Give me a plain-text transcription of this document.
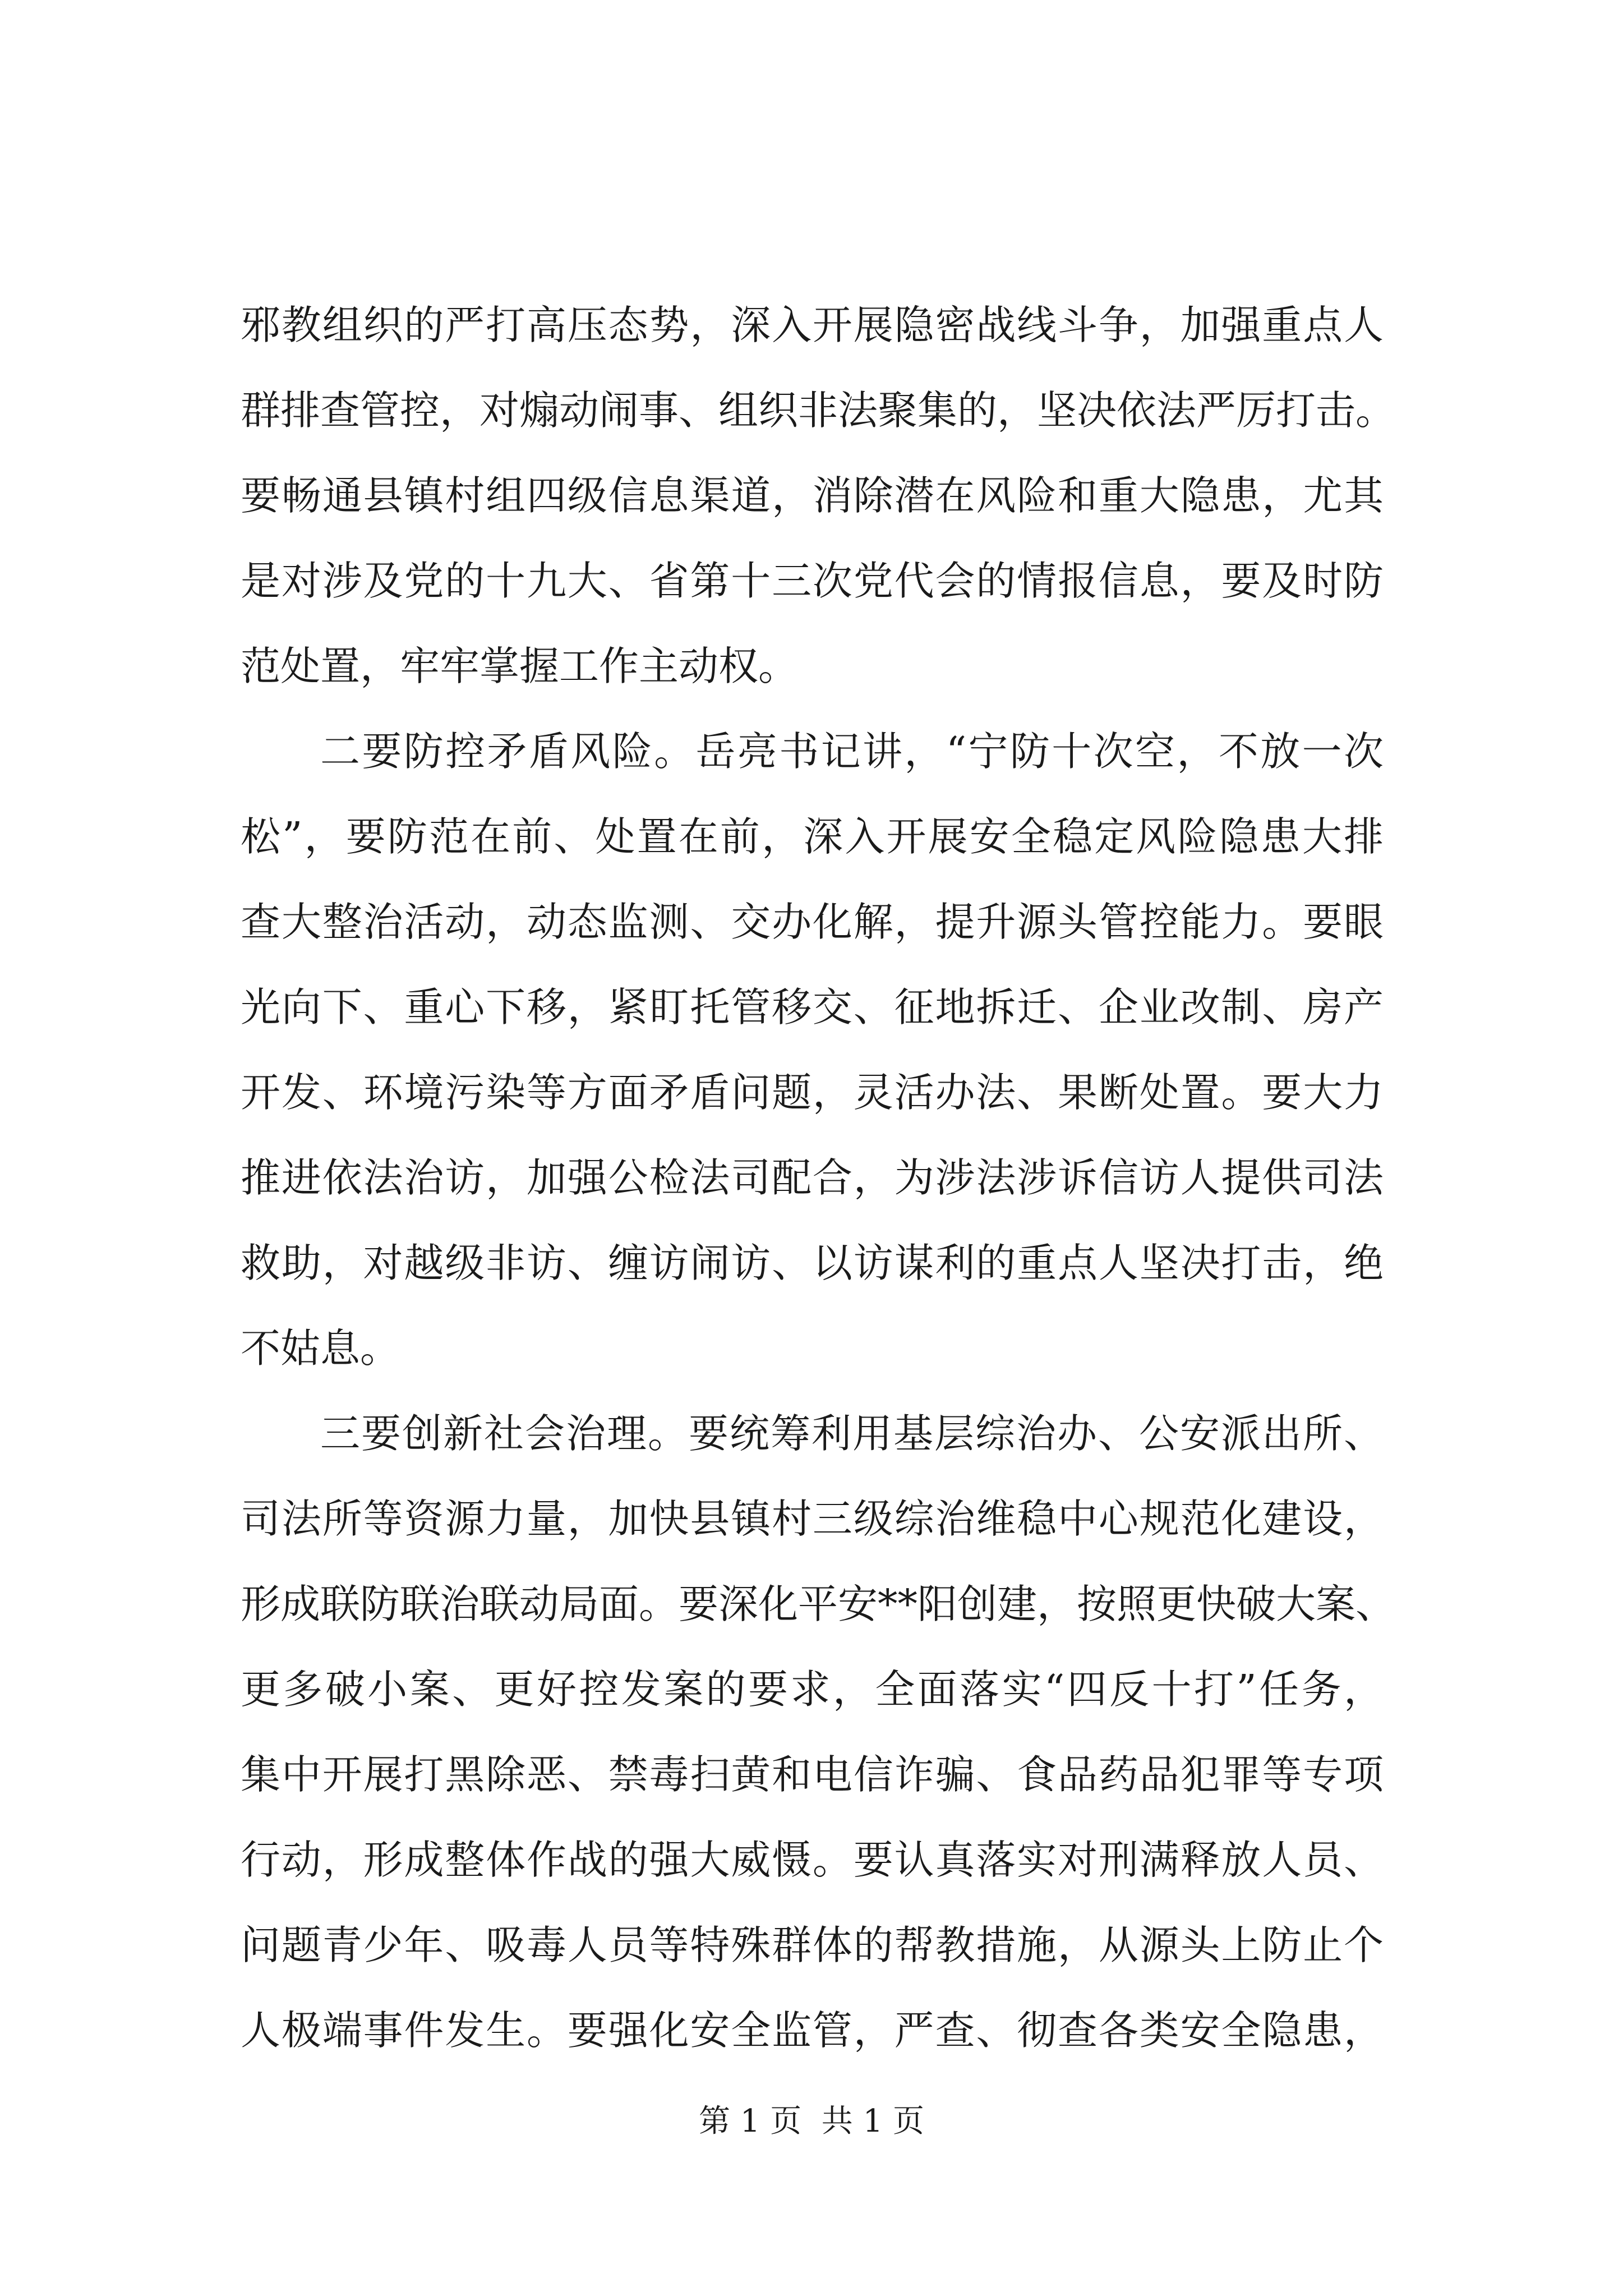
邪教组织的严打高压态势，深入开展隐密战线斗争，加强重点人

群排查管控，对煽动闹事、组织非法聚集的，坚决依法严厉打击。

要畅通县镇村组四级信息渠道，消除潜在风险和重大隐患，尤其

是对涉及党的十九大、省第十三次党代会的情报信息，要及时防

范处置，牢牢掌握工作主动权。

二要防控矛盾风险。岳亮书记讲，“宁防十次空，不放一次

松”，要防范在前、处置在前，深入开展安全稳定风险隐患大排

查大整治活动，动态监测、交办化解，提升源头管控能力。要眼

光向下、重心下移，紧盯托管移交、征地拆迁、企业改制、房产

开发、环境污染等方面矛盾问题，灵活办法、果断处置。要大力

推进依法治访，加强公检法司配合，为涉法涉诉信访人提供司法

救助，对越级非访、缠访闹访、以访谋利的重点人坚决打击，绝

不姑息。

三要创新社会治理。要统筹利用基层综治办、公安派出所、

司法所等资源力量，加快县镇村三级综治维稳中心规范化建设，

形成联防联治联动局面。要深化平安**阳创建，按照更快破大案、

更多破小案、更好控发案的要求，全面落实“四反十打”任务，

集中开展打黑除恶、禁毒扫黄和电信诈骗、食品药品犯罪等专项

行动，形成整体作战的强大威慑。要认真落实对刑满释放人员、

问题青少年、吸毒人员等特殊群体的帮教措施，从源头上防止个

人极端事件发生。要强化安全监管，严查、彻查各类安全隐患，

第 1 页  共 1 页
